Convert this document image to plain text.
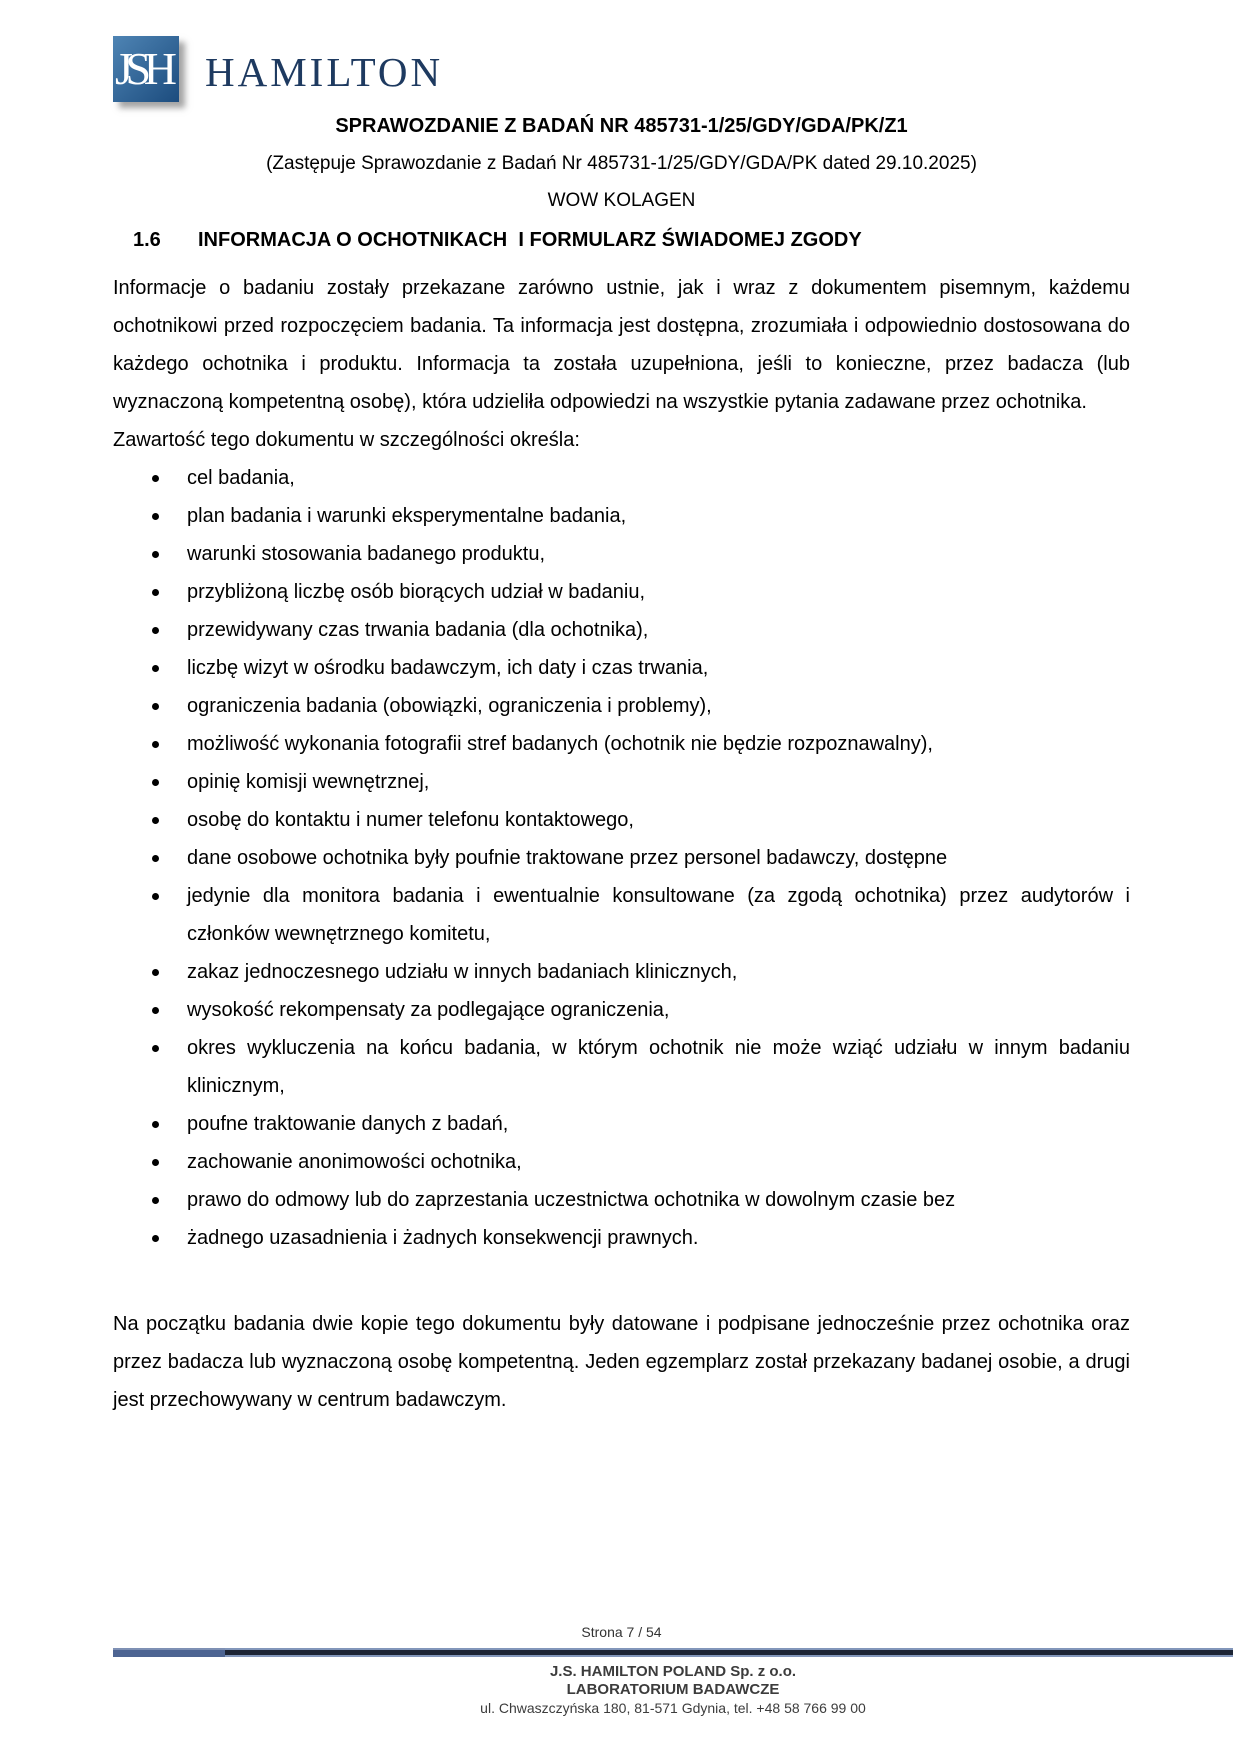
JSH HAMILTON
SPRAWOZDANIE Z BADAŃ NR 485731-1/25/GDY/GDA/PK/Z1
(Zastępuje Sprawozdanie z Badań Nr 485731-1/25/GDY/GDA/PK dated 29.10.2025)
WOW KOLAGEN
1.6 INFORMACJA O OCHOTNIKACH  I FORMULARZ ŚWIADOMEJ ZGODY

Informacje o badaniu zostały przekazane zarówno ustnie, jak i wraz z dokumentem pisemnym, każdemu ochotnikowi przed rozpoczęciem badania. Ta informacja jest dostępna, zrozumiała i odpowiednio dostosowana do każdego ochotnika i produktu. Informacja ta została uzupełniona, jeśli to konieczne, przez badacza (lub wyznaczoną kompetentną osobę), która udzieliła odpowiedzi na wszystkie pytania zadawane przez ochotnika.

Zawartość tego dokumentu w szczególności określa:

cel badania,
plan badania i warunki eksperymentalne badania,
warunki stosowania badanego produktu,
przybliżoną liczbę osób biorących udział w badaniu,
przewidywany czas trwania badania (dla ochotnika),
liczbę wizyt w ośrodku badawczym, ich daty i czas trwania,
ograniczenia badania (obowiązki, ograniczenia i problemy),
możliwość wykonania fotografii stref badanych (ochotnik nie będzie rozpoznawalny),
opinię komisji wewnętrznej,
osobę do kontaktu i numer telefonu kontaktowego,
dane osobowe ochotnika były poufnie traktowane przez personel badawczy, dostępne
jedynie dla monitora badania i ewentualnie konsultowane (za zgodą ochotnika) przez audytorów i członków wewnętrznego komitetu,
zakaz jednoczesnego udziału w innych badaniach klinicznych,
wysokość rekompensaty za podlegające ograniczenia,
okres wykluczenia na końcu badania, w którym ochotnik nie może wziąć udziału w innym badaniu klinicznym,
poufne traktowanie danych z badań,
zachowanie anonimowości ochotnika,
prawo do odmowy lub do zaprzestania uczestnictwa ochotnika w dowolnym czasie bez
żadnego uzasadnienia i żadnych konsekwencji prawnych.

Na początku badania dwie kopie tego dokumentu były datowane i podpisane jednocześnie przez ochotnika oraz przez badacza lub wyznaczoną osobę kompetentną. Jeden egzemplarz został przekazany badanej osobie, a drugi jest przechowywany w centrum badawczym.

Strona 7 / 54
J.S. HAMILTON POLAND Sp. z o.o.
LABORATORIUM BADAWCZE
ul. Chwaszczyńska 180, 81-571 Gdynia, tel. +48 58 766 99 00
